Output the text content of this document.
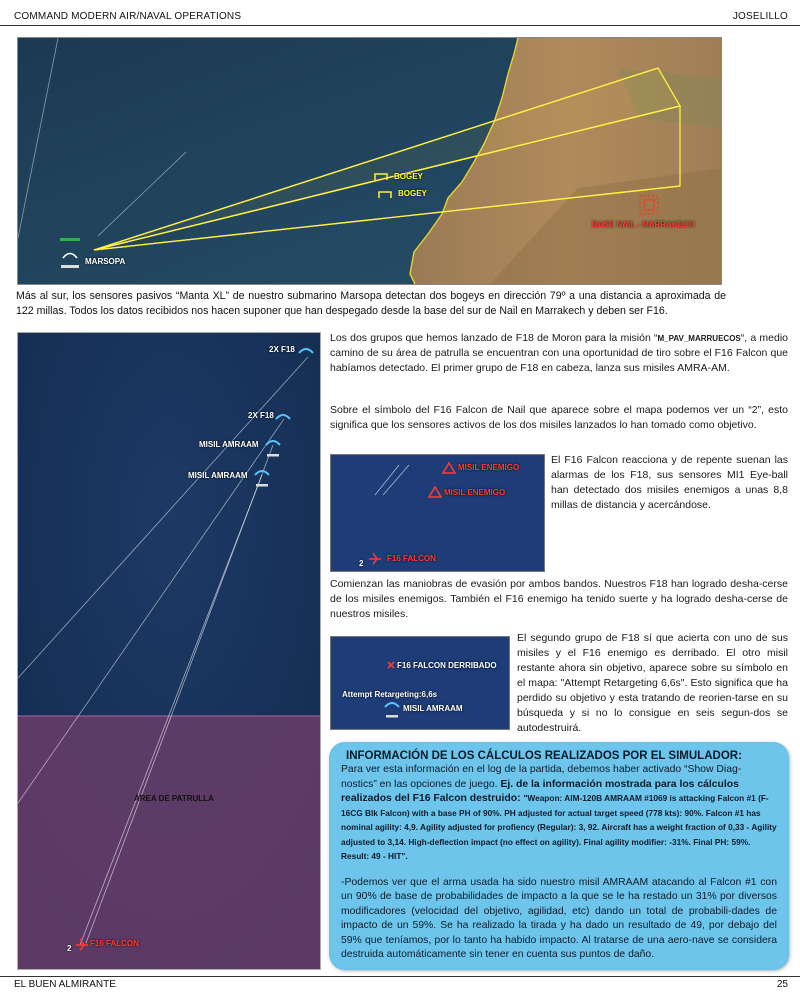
COMMAND MODERN AIR/NAVAL OPERATIONS	JOSELILLO
MARSOPA
BOGEY
BOGEY
BASE NAIL - MARRAKECH
Más al sur, los sensores pasivos “Manta XL” de nuestro submarino Marsopa detectan dos bogeys en dirección 79º a una distancia a aproximada de 122 millas. Todos los datos recibidos nos hacen suponer que han despegado desde la base del sur de Nail en Marrakech y deben ser F16.
2X F18
2X F18
MISIL AMRAAM
MISIL AMRAAM
ÁREA DE PATRULLA
F16 FALCON
2
Los dos grupos que hemos lanzado de F18 de Moron para la misión “M_PAV_MARRUECOS“, a medio camino de su área de patrulla se encuentran con una oportunidad de tiro sobre el F16 Falcon que habíamos detectado. El primer grupo de F18 en cabeza, lanza sus misiles AMRA-AM.
Sobre el símbolo del F16 Falcon de Nail que aparece sobre el mapa podemos ver un “2”, esto significa que los sensores activos de los dos misiles lanzados lo han tomado como objetivo.
MISIL ENEMIGO
MISIL ENEMIGO
F16 FALCON
2
El F16 Falcon reacciona y de repente suenan las alarmas de los F18, sus sensores MI1 Eye-ball han detectado dos misiles enemigos a unas 8,8 millas de distancia y acercándose.
Comienzan las maniobras de evasión por ambos bandos. Nuestros F18 han logrado desha-cerse de los misiles enemigos. También el F16 enemigo ha tenido suerte y ha logrado desha-cerse de nuestros misiles.
F16 FALCON DERRIBADO
Attempt Retargeting:6,6s
MISIL AMRAAM
El segundo grupo de F18 sí que acierta con uno de sus misiles y el F16 enemigo es derribado. El otro misil restante ahora sin objetivo, aparece sobre su símbolo en el mapa: "Attempt Retargeting 6,6s". Esto significa que ha perdido su objetivo y esta tratando de reorien-tarse en su búsqueda y si no lo consigue en seis segun-dos se autodestruirá.
INFORMACIÓN DE LOS CÁLCULOS REALIZADOS POR EL SIMULADOR:
Para ver esta información en el log de la partida, debemos haber activado “Show Diag-nostics” en las opciones de juego. Ej. de la información mostrada para los cálculos realizados del F16 Falcon destruido: "Weapon: AIM-120B AMRAAM #1069 is attacking Falcon #1 (F-16CG Blk Falcon) with a base PH of 90%. PH adjusted for actual target speed (778 kts): 90%. Falcon #1 has nominal agility: 4,9. Agility adjusted for profiency (Regular): 3, 92. Aircraft has a weight fraction of 0,33 - Agility adjusted to 3,14. High-deflection impact (no effect on agility). Final agility modifier: -31%. Final PH: 59%. Result: 49 - HIT".
-Podemos ver que el arma usada ha sido nuestro misil AMRAAM atacando al Falcon #1 con un 90% de base de probabilidades de impacto a la que se le ha restado un 31% por diversos modificadores (velocidad del objetivo, agilidad, etc) dando un total de probabili-dades de impacto de un 59%. Se ha realizado la tirada y ha dado un resultado de 49, por debajo del 59% que teníamos, por lo tanto ha habido impacto. Al tratarse de una aero-nave se considera destruida automáticamente sin tener en cuenta sus puntos de daño.
EL BUEN ALMIRANTE	25
